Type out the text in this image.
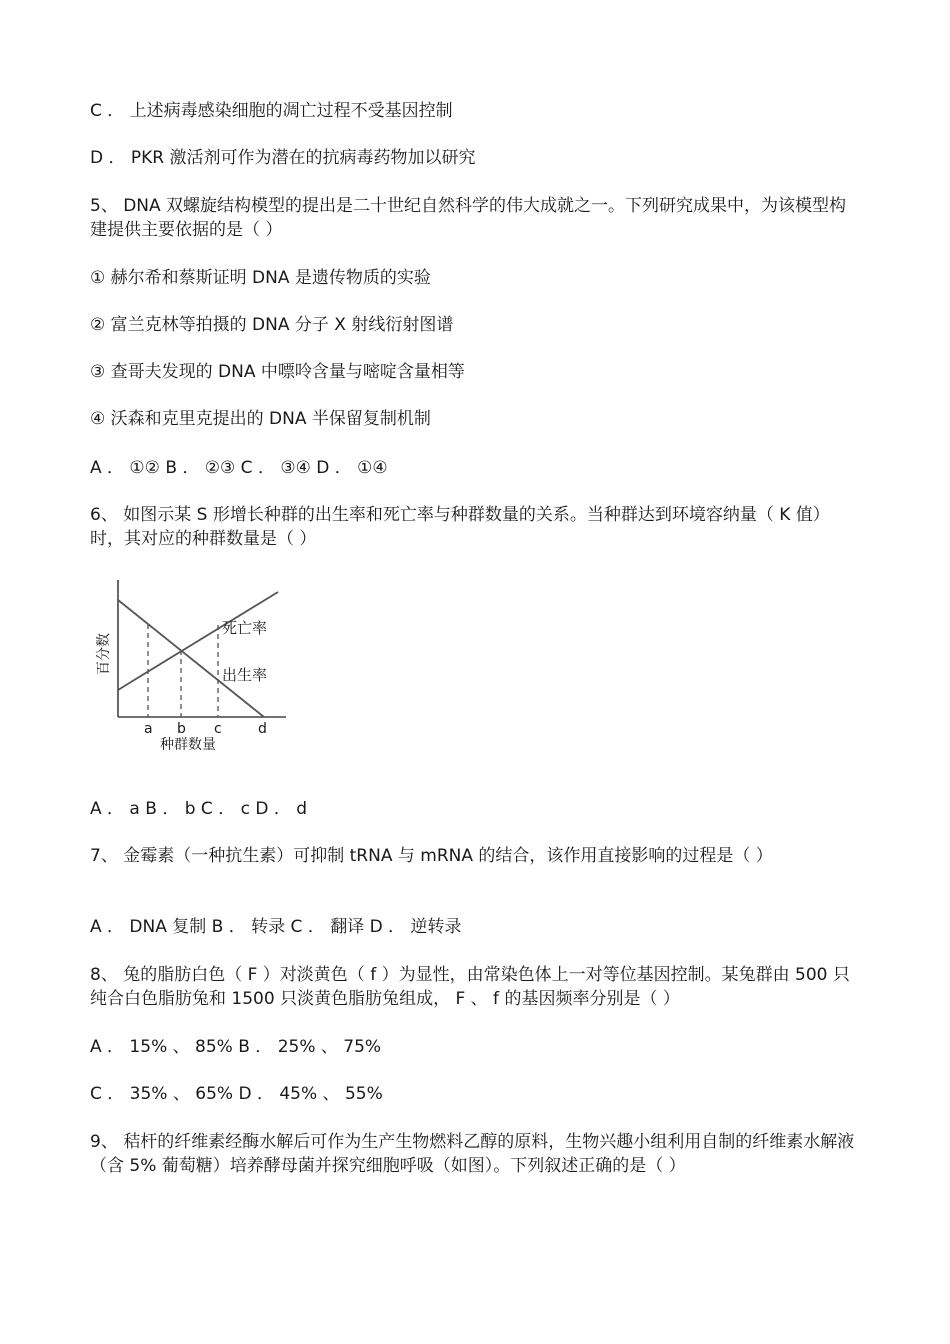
C ． 上述病毒感染细胞的凋亡过程不受基因控制
D ． PKR 激活剂可作为潜在的抗病毒药物加以研究
5、 DNA 双螺旋结构模型的提出是二十世纪自然科学的伟大成就之一。下列研究成果中，为该模型构建提供主要依据的是（ ）
① 赫尔希和蔡斯证明 DNA 是遗传物质的实验
② 富兰克林等拍摄的 DNA 分子 X 射线衍射图谱
③ 查哥夫发现的 DNA 中嘌呤含量与嘧啶含量相等
④ 沃森和克里克提出的 DNA 半保留复制机制
A ． ①② B ． ②③ C ． ③④ D ． ①④
6、 如图示某 S 形增长种群的出生率和死亡率与种群数量的关系。当种群达到环境容纳量（ K 值）时，其对应的种群数量是（ ）
死亡率
出生率
百分数
a b c	d
种群数量
A ． a B ． b C ． c D ． d
7、 金霉素（一种抗生素）可抑制 tRNA 与 mRNA 的结合，该作用直接影响的过程是（ ）
A ． DNA 复制 B ． 转录 C ． 翻译 D ． 逆转录
8、 兔的脂肪白色（ F ）对淡黄色（ f ）为显性，由常染色体上一对等位基因控制。某兔群由 500 只纯合白色脂肪兔和 1500 只淡黄色脂肪兔组成， F 、 f 的基因频率分别是（ ）
A ． 15% 、 85% B ． 25% 、 75%
C ． 35% 、 65% D ． 45% 、 55%
9、 秸杆的纤维素经酶水解后可作为生产生物燃料乙醇的原料，生物兴趣小组利用自制的纤维素水解液（含 5% 葡萄糖）培养酵母菌并探究细胞呼吸（如图）。下列叙述正确的是（ ）
